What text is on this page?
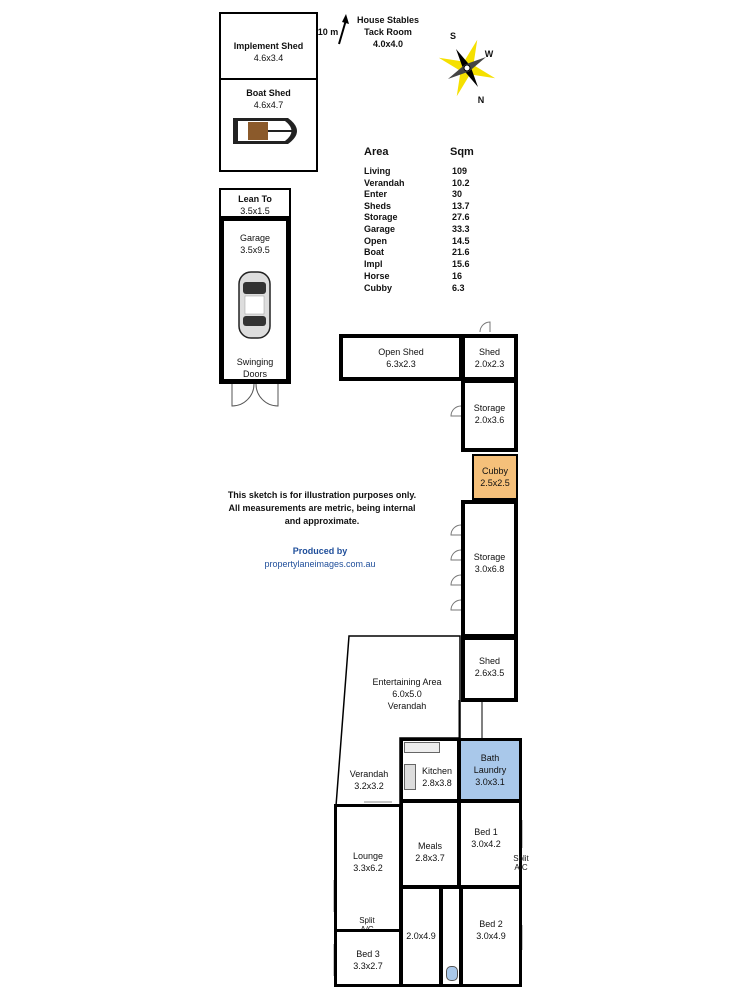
10 m
House Stables
Tack Room
4.0x4.0
S
W
N
Implement Shed
4.6x3.4
Boat Shed
4.6x4.7
Lean To
3.5x1.5
Garage
3.5x9.5
Swinging
Doors
Area	Sqm
Living	109
Verandah	10.2
Enter	30
Sheds	13.7
Storage	27.6
Garage	33.3
Open	14.5
Boat	21.6
Impl	15.6
Horse	16
Cubby	6.3
Open Shed
6.3x2.3
Shed
2.0x2.3
Storage
2.0x3.6
Cubby
2.5x2.5
Storage
3.0x6.8
Shed
2.6x3.5
This sketch is for illustration purposes only.
All measurements are metric, being internal
and approximate.
Produced by
propertylaneimages.com.au
Entertaining Area
6.0x5.0
Verandah
Verandah
3.2x3.2
Kitchen
2.8x3.8
Bath
Laundry
3.0x3.1
Meals
2.8x3.7
Bed 1
3.0x4.2
Split
A/C
Lounge
3.3x6.2
Split
Bed 3
3.3x2.7
2.0x4.9
Bed 2
3.0x4.9
